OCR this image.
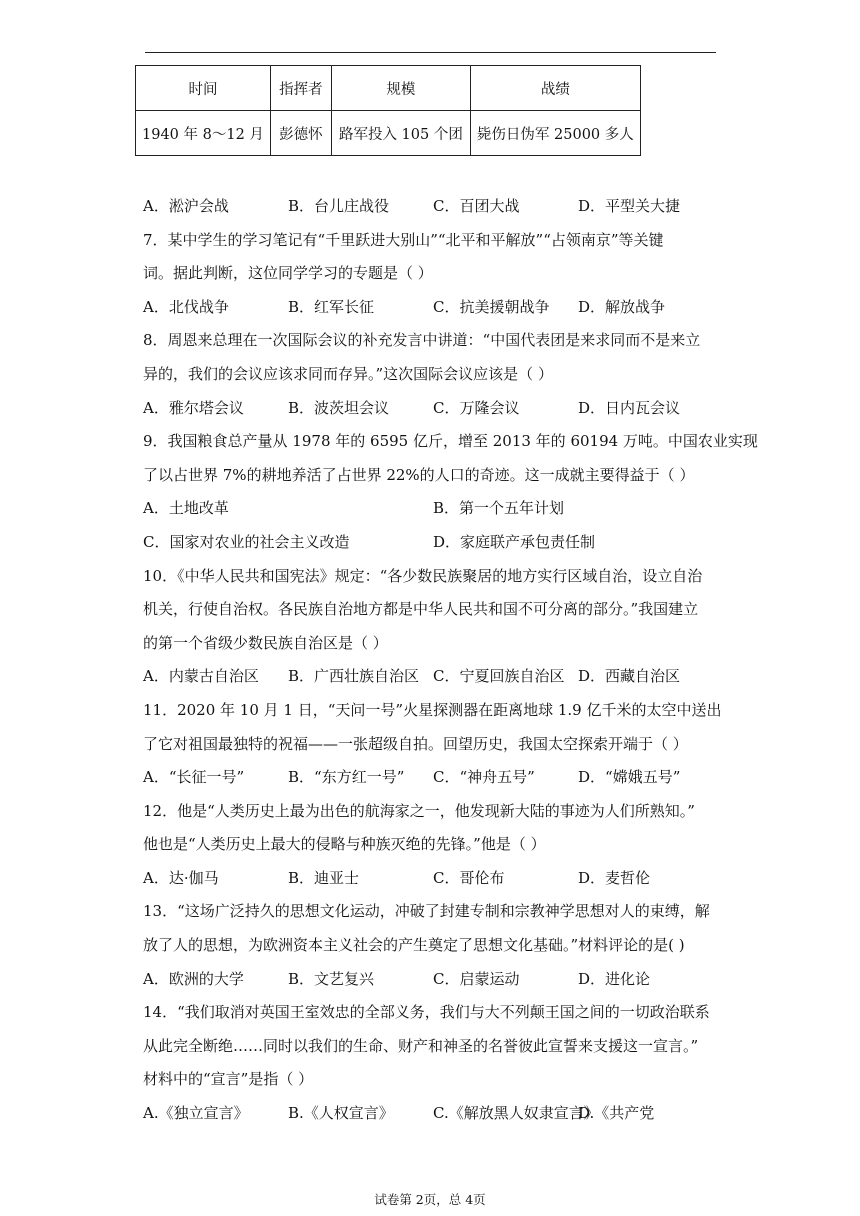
时间	指挥者	规模	战绩
1940 年 8～12 月	彭德怀	路军投入 105 个团	毙伤日伪军 25000 多人
A．淞沪会战	B．台儿庄战役	C．百团大战	D．平型关大捷
7．某中学生的学习笔记有“千里跃进大别山”“北平和平解放”“占领南京”等关键
词。据此判断，这位同学学习的专题是（ ）
A．北伐战争	B．红军长征	C．抗美援朝战争	D．解放战争
8．周恩来总理在一次国际会议的补充发言中讲道：“中国代表团是来求同而不是来立
异的，我们的会议应该求同而存异。”这次国际会议应该是（ ）
A．雅尔塔会议	B．波茨坦会议	C．万隆会议	D．日内瓦会议
9．我国粮食总产量从 1978 年的 6595 亿斤，增至 2013 年的 60194 万吨。中国农业实现
了以占世界 7%的耕地养活了占世界 22%的人口的奇迹。这一成就主要得益于（ ）
A．土地改革	B．第一个五年计划
C．国家对农业的社会主义改造	D．家庭联产承包责任制
10．《中华人民共和国宪法》规定：“各少数民族聚居的地方实行区域自治，设立自治
机关，行使自治权。各民族自治地方都是中华人民共和国不可分离的部分。”我国建立
的第一个省级少数民族自治区是（ ）
A．内蒙古自治区	B．广西壮族自治区 C．宁夏回族自治区 D．西藏自治区
11．2020 年 10 月 1 日，“天问一号”火星探测器在距离地球 1.9 亿千米的太空中送出
了它对祖国最独特的祝福——一张超级自拍。回望历史，我国太空探索开端于（ ）
A．“长征一号”	B．“东方红一号”	C．“神舟五号”	D．“嫦娥五号”
12．他是“人类历史上最为出色的航海家之一，他发现新大陆的事迹为人们所熟知。”
他也是“人类历史上最大的侵略与种族灭绝的先锋。”他是（ ）
A．达·伽马	B．迪亚士	C．哥伦布	D．麦哲伦
13．“这场广泛持久的思想文化运动，冲破了封建专制和宗教神学思想对人的束缚，解
放了人的思想，为欧洲资本主义社会的产生奠定了思想文化基础。”材料评论的是( )
A．欧洲的大学	B．文艺复兴	C．启蒙运动	D．进化论
14．“我们取消对英国王室效忠的全部义务，我们与大不列颠王国之间的一切政治联系
从此完全断绝……同时以我们的生命、财产和神圣的名誉彼此宣誓来支援这一宣言。”
材料中的“宣言”是指（ ）
A.《独立宣言》	B.《人权宣言》	C.《解放黑人奴隶宣言》
D.《共产党
试卷第 2页，总 4页
